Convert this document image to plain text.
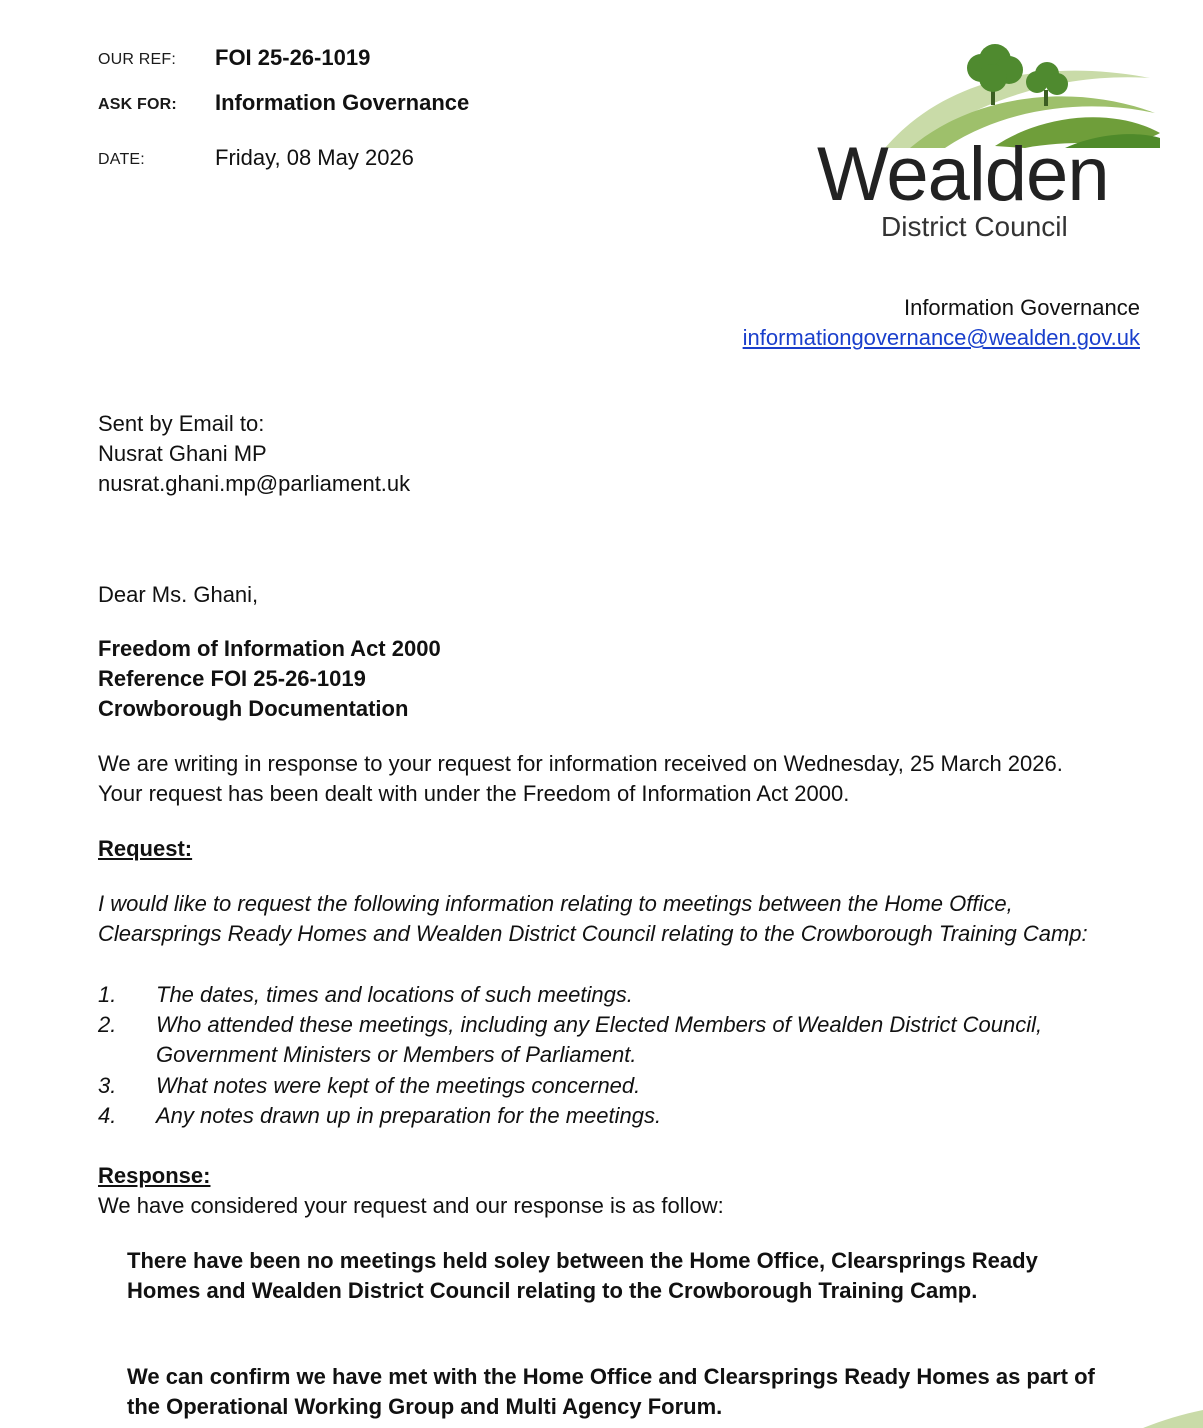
OUR REF: FOI 25-26-1019
ASK FOR: Information Governance
DATE:	Friday, 08 May 2026	Wealden
District Council
Information Governance
informationgovernance@wealden.gov.uk
Sent by Email to:
Nusrat Ghani MP
nusrat.ghani.mp@parliament.uk
Dear Ms. Ghani,
Freedom of Information Act 2000
Reference FOI 25-26-1019
Crowborough Documentation
We are writing in response to your request for information received on Wednesday, 25 March 2026. Your request has been dealt with under the Freedom of Information Act 2000.
Request:
I would like to request the following information relating to meetings between the Home Office, Clearsprings Ready Homes and Wealden District Council relating to the Crowborough Training Camp:
1.	The dates, times and locations of such meetings.
2.	Who attended these meetings, including any Elected Members of Wealden District Council, Government Ministers or Members of Parliament.
3.	What notes were kept of the meetings concerned.
4.	Any notes drawn up in preparation for the meetings.
Response:
We have considered your request and our response is as follow:
There have been no meetings held soley between the Home Office, Clearsprings Ready Homes and Wealden District Council relating to the Crowborough Training Camp.
We can confirm we have met with the Home Office and Clearsprings Ready Homes as part of the Operational Working Group and Multi Agency Forum.
